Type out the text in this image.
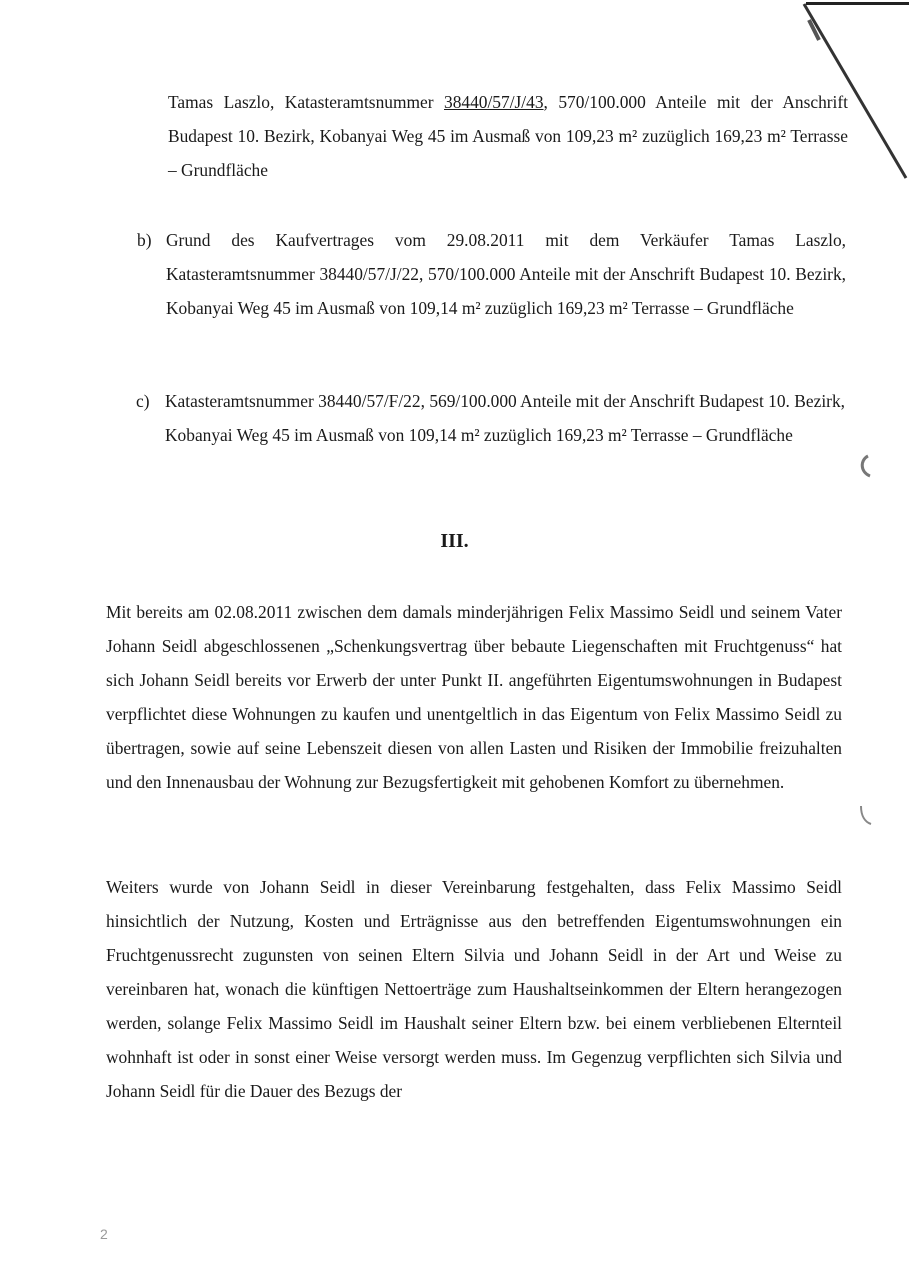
Tamas Laszlo, Katasteramtsnummer 38440/57/J/43, 570/100.000 Anteile mit der Anschrift Budapest 10. Bezirk, Kobanyai Weg 45 im Ausmaß von 109,23 m² zuzüglich 169,23 m² Terrasse – Grundfläche
b) Grund des Kaufvertrages vom 29.08.2011 mit dem Verkäufer Tamas Laszlo, Katasteramtsnummer 38440/57/J/22, 570/100.000 Anteile mit der Anschrift Budapest 10. Bezirk, Kobanyai Weg 45 im Ausmaß von 109,14 m² zuzüglich 169,23 m² Terrasse – Grundfläche
c) Katasteramtsnummer 38440/57/F/22, 569/100.000 Anteile mit der Anschrift Budapest 10. Bezirk, Kobanyai Weg 45 im Ausmaß von 109,14 m² zuzüglich 169,23 m² Terrasse – Grundfläche
III.
Mit bereits am 02.08.2011 zwischen dem damals minderjährigen Felix Massimo Seidl und seinem Vater Johann Seidl abgeschlossenen „Schenkungsvertrag über bebaute Liegenschaften mit Fruchtgenuss“ hat sich Johann Seidl bereits vor Erwerb der unter Punkt II. angeführten Eigentumswohnungen in Budapest verpflichtet diese Wohnungen zu kaufen und unentgeltlich in das Eigentum von Felix Massimo Seidl zu übertragen, sowie auf seine Lebenszeit diesen von allen Lasten und Risiken der Immobilie freizuhalten und den Innenausbau der Wohnung zur Bezugsfertigkeit mit gehobenen Komfort zu übernehmen.
Weiters wurde von Johann Seidl in dieser Vereinbarung festgehalten, dass Felix Massimo Seidl hinsichtlich der Nutzung, Kosten und Erträgnisse aus den betreffenden Eigentumswohnungen ein Fruchtgenussrecht zugunsten von seinen Eltern Silvia und Johann Seidl in der Art und Weise zu vereinbaren hat, wonach die künftigen Nettoerträge zum Haushaltseinkommen der Eltern herangezogen werden, solange Felix Massimo Seidl im Haushalt seiner Eltern bzw. bei einem verbliebenen Elternteil wohnhaft ist oder in sonst einer Weise versorgt werden muss. Im Gegenzug verpflichten sich Silvia und Johann Seidl für die Dauer des Bezugs der
2
